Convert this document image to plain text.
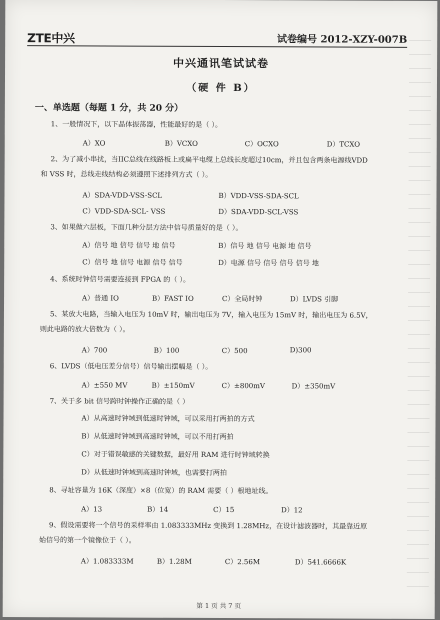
ZTE中兴	试卷编号 2012-XZY-007B
中兴通讯笔试试卷
（硬 件 B）
一、单选题（每题 1 分，共 20 分）
1、一般情况下，以下晶体振荡器，性能最好的是（ ）。
A）XO	B）VCXO	C）OCXO	D）TCXO
2、为了减小串扰，当IIC总线在线路板上或扁平电缆上总线长度超过10cm，并且包含两条电源线VDD
和 VSS 时，总线走线结构必须遵照下述排列方式（ ）。
A）SDA-VDD-VSS-SCL	B）VDD-VSS-SDA-SCL
C）VDD-SDA-SCL- VSS	D）SDA-VDD-SCL-VSS
3、如果做六层板，下面几种分层方法中信号质量好的是（ ）。
A）信号 地 信号 信号 地 信号	B）信号 地 信号 电源 地 信号
C）信号 地 信号 电源 信号 信号	D）电源 信号 信号 信号 信号 地
4、系统时钟信号需要连接到 FPGA 的（ ）。
A）普通 IO	B）FAST IO	C）全局时钟	D）LVDS 引脚
5、某放大电路，当输入电压为 10mV 时，输出电压为 7V，输入电压为 15mV 时，输出电压为 6.5V，
则此电路的放大倍数为（ ）。
A）700	B）100	C）500	D)300
6、LVDS（低电压差分信号）信号输出摆幅是（ ）。
A）±550 MV	B）±150mV	C）±800mV	D）±350mV
7、关于多 bit 信号跨时钟操作正确的是（ ）
A）从高速时钟域到低速时钟域，可以采用打两拍的方式
B）从低速时钟域到高速时钟域，可以不用打两拍
C）对于错误敏感的关键数据，最好用 RAM 进行时钟域转换
D）从低速时钟域到高速时钟域，也需要打两拍
8、寻址容量为 16K（深度）×8（位宽）的 RAM 需要（ ）根地址线。
A）13	B）14	C）15	D）12
9、假设需要将一个信号的采样率由 1.083333MHz 变换到 1.28MHz，在设计滤波器时，其最靠近原
始信号的第一个镜像位于（ ）。
A）1.083333M	B）1.28M	C）2.56M	D）541.6666K
第 1 页 共 7 页
